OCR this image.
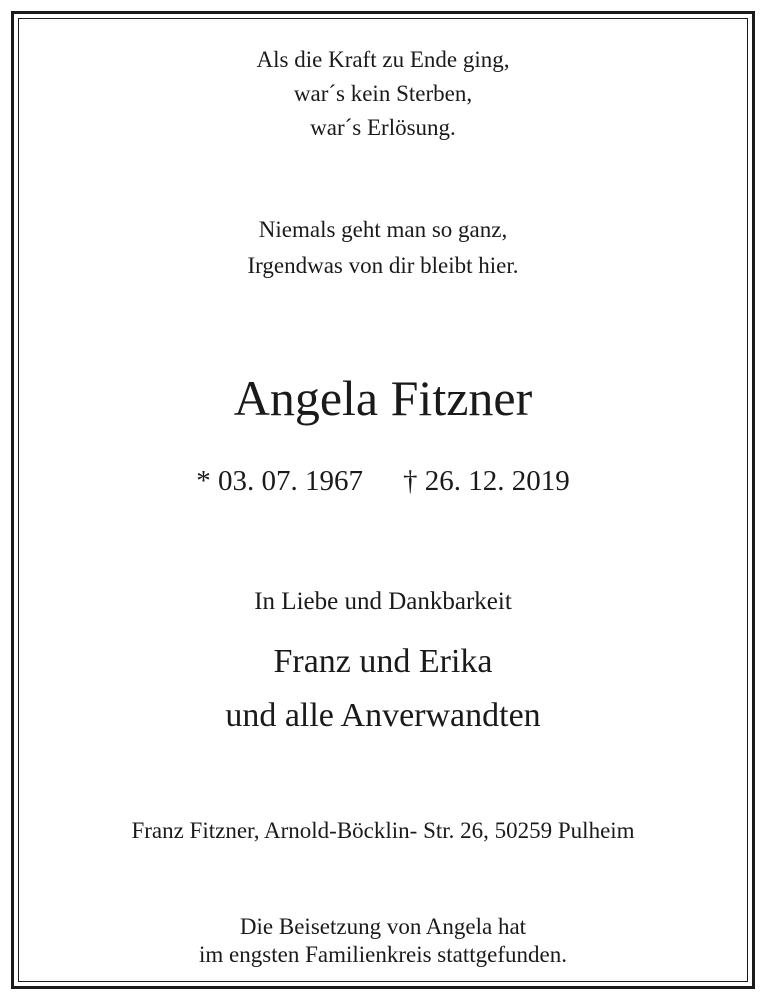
Als die Kraft zu Ende ging,
war´s kein Sterben,
war´s Erlösung.
Niemals geht man so ganz,
Irgendwas von dir bleibt hier.
Angela Fitzner
* 03. 07. 1967 † 26. 12. 2019
In Liebe und Dankbarkeit
Franz und Erika
und alle Anverwandten
Franz Fitzner, Arnold-Böcklin- Str. 26, 50259 Pulheim
Die Beisetzung von Angela hat
im engsten Familienkreis stattgefunden.
